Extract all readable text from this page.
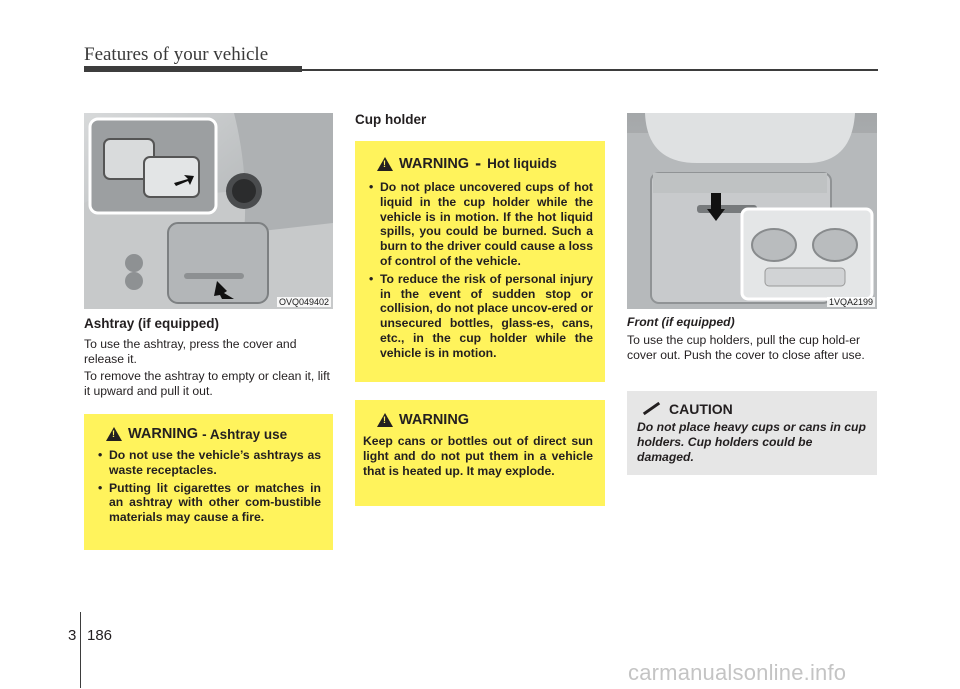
Features of your vehicle
OVQ049402
Ashtray (if equipped)
To use the ashtray, press the cover and release it.
To remove the ashtray to empty or clean it, lift it upward and pull it out.
!
WARNING - Ashtray use
• Do not use the vehicle’s ashtrays as waste receptacles.
• Putting lit cigarettes or matches in an ashtray with other com-bustible materials may cause a fire.
Cup holder
!
WARNING - Hot liquids
• Do not place uncovered cups of hot liquid in the cup holder while the vehicle is in motion. If the hot liquid spills, you could be burned. Such a burn to the driver could cause a loss of control of the vehicle.
• To reduce the risk of personal injury in the event of sudden stop or collision, do not place uncov-ered or unsecured bottles, glass-es, cans, etc., in the cup holder while the vehicle is in motion.
!
WARNING
Keep cans or bottles out of direct sun light and do not put them in a vehicle that is heated up. It may explode.
1VQA2199
Front (if equipped)
To use the cup holders, pull the cup hold-er cover out. Push the cover to close after use.
CAUTION
Do not place heavy cups or cans in cup holders. Cup holders could be damaged.
3 186
carmanualsonline.info
